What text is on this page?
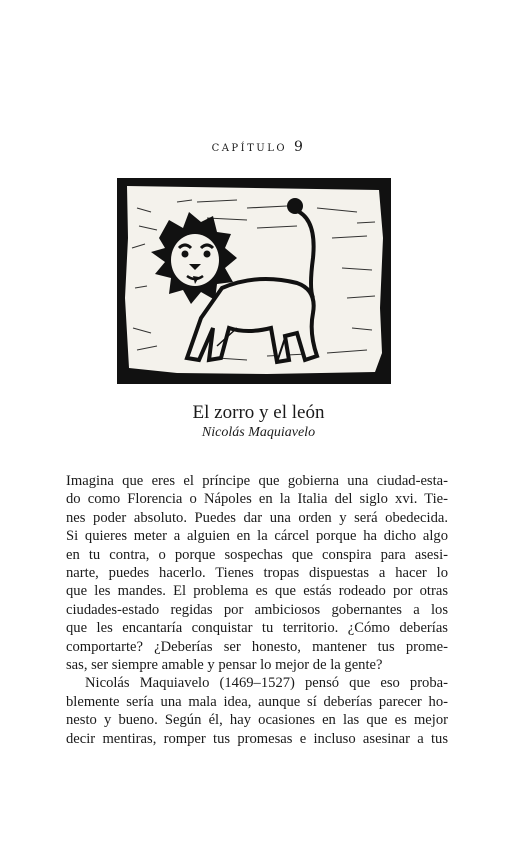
capítulo 9
El zorro y el león
Nicolás Maquiavelo
Imagina que eres el príncipe que gobierna una ciudad-esta-
do como Florencia o Nápoles en la Italia del siglo xvi. Tie-
nes poder absoluto. Puedes dar una orden y será obedecida.
Si quieres meter a alguien en la cárcel porque ha dicho algo
en tu contra, o porque sospechas que conspira para asesi-
narte, puedes hacerlo. Tienes tropas dispuestas a hacer lo
que les mandes. El problema es que estás rodeado por otras
ciudades-estado regidas por ambiciosos gobernantes a los
que les encantaría conquistar tu territorio. ¿Cómo deberías
comportarte? ¿Deberías ser honesto, mantener tus prome-
sas, ser siempre amable y pensar lo mejor de la gente?
Nicolás Maquiavelo (1469–1527) pensó que eso proba-
blemente sería una mala idea, aunque sí deberías parecer ho-
nesto y bueno. Según él, hay ocasiones en las que es mejor
decir mentiras, romper tus promesas e incluso asesinar a tus
